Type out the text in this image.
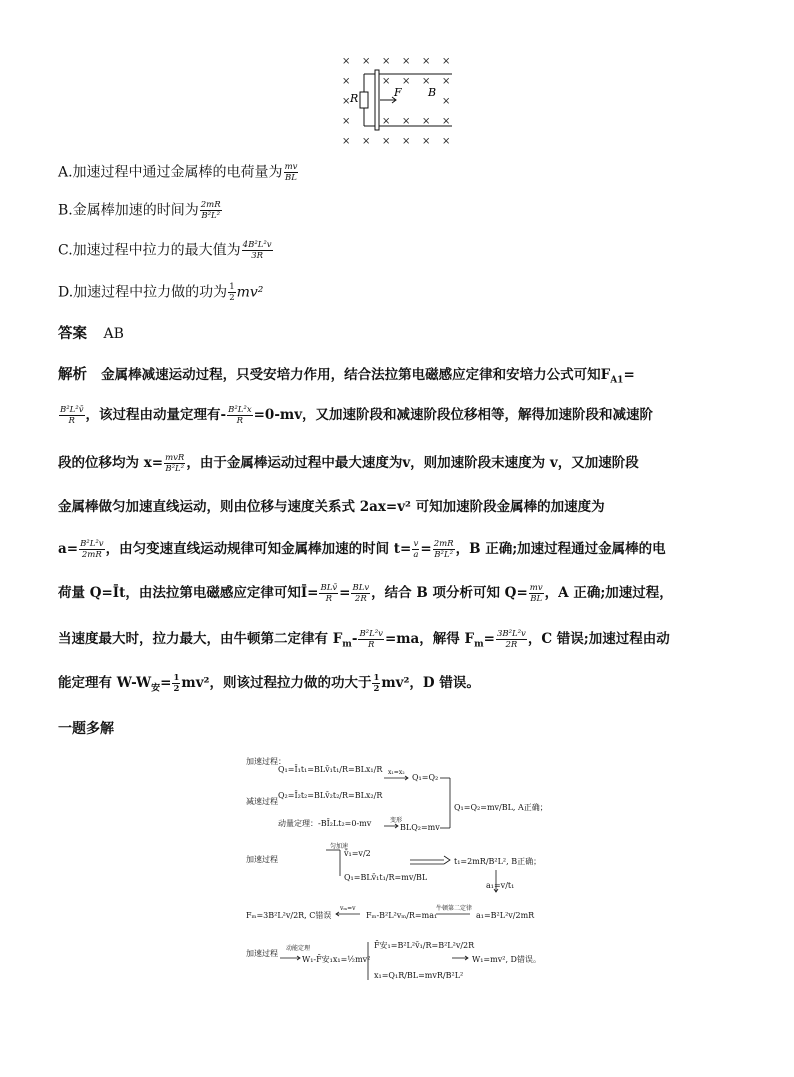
× × × × × ×
×	× × × ×
×	×
×	× × × ×
× × × × × ×
R	F B
A.加速过程中通过金属棒的电荷量为 $\frac{mv}{BL}$
B.金属棒加速的时间为 $\frac{2mR}{\text{B²L²}}$
C.加速过程中拉力的最大值为 $\frac{\text{4B²L²v}}{3R}$
D.加速过程中拉力做的功为 $\frac{1}{2} mv^2$
答案 AB
解析 金属棒减速运动过程，只受安培力作用，结合法拉第电磁感应定律和安培力公式可知$F_{A1}=$
$\frac{\text{B²L²v̄}}{R}$ ，该过程由动量定理有- $\frac{\text{B²L²x}}{R} =0-mv$，又加速阶段和减速阶段位移相等，解得加速阶段和减速阶
段的位移均为 $x= \frac{\text{mvR}}{\text{B²L²}}$ ，由于金属棒运动过程中最大速度为v，则加速阶段末速度为 v，又加速阶段
金属棒做匀加速直线运动，则由位移与速度关系式 2ax=v² 可知加速阶段金属棒的加速度为
$a= \frac{\text{B²L²v}}{2mR}$ ，由匀变速直线运动规律可知金属棒加速的时间 $t= \frac{v}{a} = \frac{2mR}{\text{B²L²}}$ ，B 正确;加速过程通过金属棒的电
荷量 Q=Īt，由法拉第电磁感应定律可知Ī= $\frac{\text{BLv̄}}{R} = \frac{\text{BLv}}{2R}$ ，结合 B 项分析可知 $Q= \frac{mv}{BL}$ ，A 正确;加速过程，
当速度最大时，拉力最大，由牛顿第二定律有 $F_m- \frac{\text{B²L²v}}{R} =ma$，解得 $F_m= \frac{\text{3B²L²v}}{2R}$ ，C 错误;加速过程由动
能定理有 $W-W_安= \frac{1}{2} mv^2$，则该过程拉力做的功大于 $\frac{1}{2} mv^2$，D 错误。
一题多解
加速过程：
Q₁=Ī₁t₁=BLv̄₁t₁/R=BLx₁/R x₁=x₂
Q₁=Q₂
减速过程
Q₂=Ī₂t₂=BLv̄₂t₂/R=BLx₂/R
Q₁=Q₂=mv/BL, A正确；
动量定理：-BĪ₂Lt₂=0-mv	变形
BLQ₂=mv
加速过程
匀加速
v̄₁=v/2
Q₁=BLv̄₁t₁/R=mv/BL
t₁=2mR/B²L², B正确；
a₁=v/t₁
Fₘ=3B²L²v/2R, C错误
vₘ=v
Fₘ-B²L²vₘ/R=ma₁
牛顿第二定律
a₁=B²L²v/2mR
加速过程
动能定理
W₁-F̄安₁x₁=½mv²
F̄安₁=B²L²v̄₁/R=B²L²v/2R
x₁=Q₁R/BL=mvR/B²L²
W₁=mv², D错误。
